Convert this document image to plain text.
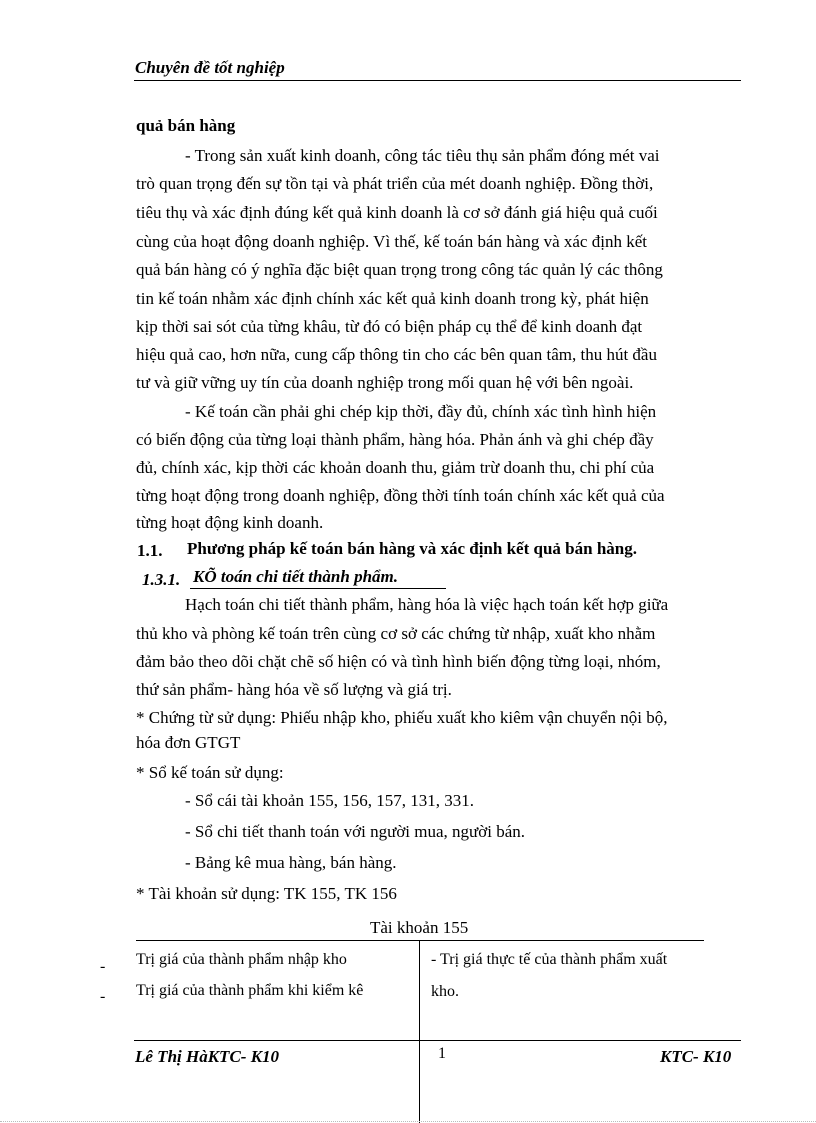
Chuyên đề tốt nghiệp
quả bán hàng
- Trong sản xuất kinh doanh, công tác tiêu thụ sản phẩm đóng mét vai
trò quan trọng đến sự tồn tại và phát triển của mét doanh nghiệp. Đồng thời,
tiêu thụ và xác định đúng kết quả kinh doanh là cơ sở đánh giá hiệu quả cuối
cùng của hoạt động doanh nghiệp. Vì thế, kế toán bán hàng và xác định kết
quả bán hàng có ý nghĩa đặc biệt quan trọng trong công tác quản lý các thông
tin kế toán nhằm xác định chính xác kết quả kinh doanh trong kỳ, phát hiện
kịp thời sai sót của từng khâu, từ đó có biện pháp cụ thể để kinh doanh đạt
hiệu quả cao, hơn nữa, cung cấp thông tin cho các bên quan tâm, thu hút đầu
tư và giữ vững uy tín của doanh nghiệp trong mối quan hệ với bên ngoài.
- Kế toán cần phải ghi chép kịp thời, đầy đủ, chính xác tình hình hiện
có biến động của từng loại thành phẩm, hàng hóa. Phản ánh và ghi chép đầy
đủ, chính xác, kịp thời các khoản doanh thu, giảm trừ doanh thu, chi phí của
từng hoạt động trong doanh nghiệp, đồng thời tính toán chính xác kết quả của
từng hoạt động kinh doanh.
1.1. Phương pháp kế toán bán hàng và xác định kết quả bán hàng.
1.3.1. KÕ toán chi tiết thành phẩm.
Hạch toán chi tiết thành phẩm, hàng hóa là việc hạch toán kết hợp giữa
thủ kho và phòng kế toán trên cùng cơ sở các chứng từ nhập, xuất kho nhằm
đảm bảo theo dõi chặt chẽ số hiện có và tình hình biến động từng loại, nhóm,
thứ sản phẩm- hàng hóa về số lượng và giá trị.
* Chứng từ sử dụng: Phiếu nhập kho, phiếu xuất kho kiêm vận chuyển nội bộ,
hóa đơn GTGT
* Sổ kế toán sử dụng:
- Sổ cái tài khoản 155, 156, 157, 131, 331.
- Sổ chi tiết thanh toán với người mua, người bán.
- Bảng kê mua hàng, bán hàng.
* Tài khoản sử dụng: TK 155, TK 156
Tài khoản 155
- Trị giá của thành phẩm nhập kho
- Trị giá của thành phẩm khi kiểm kê
- Trị giá thực tế của thành phẩm xuất
kho.
Lê Thị HàKTC- K10	1	KTC- K10
